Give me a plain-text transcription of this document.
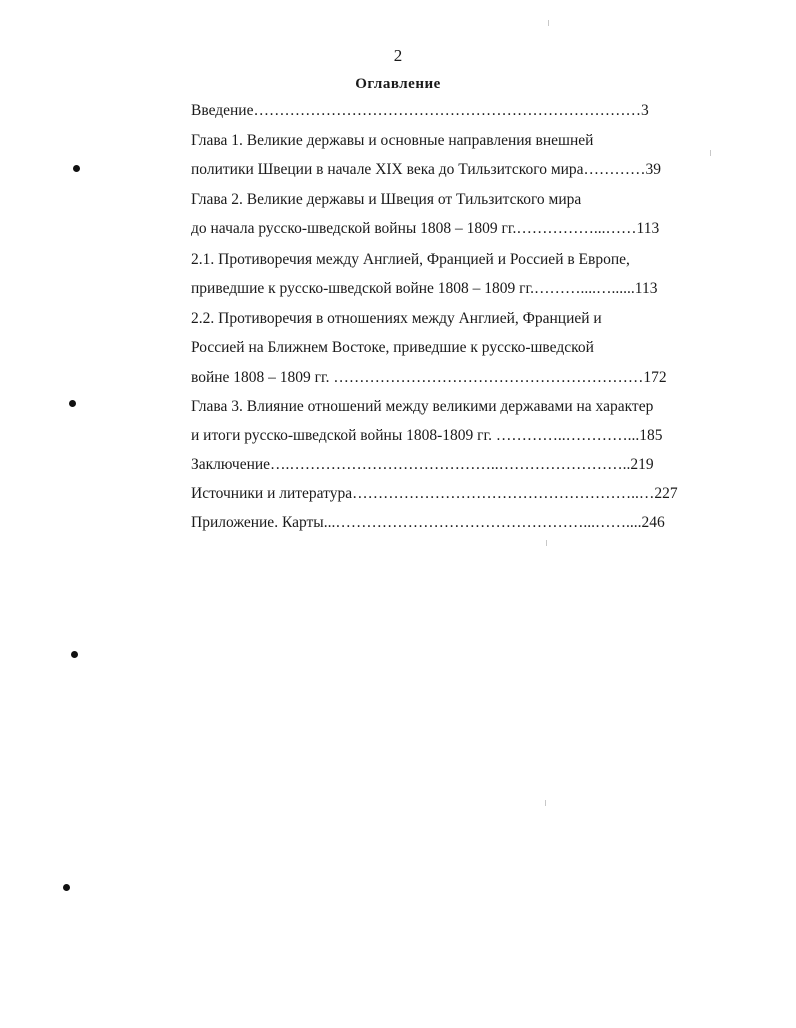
2
Оглавление
Введение…………………………………………………………………3
Глава 1. Великие державы и основные направления внешней
политики Швеции в начале XIX века до Тильзитского мира…………39
Глава 2. Великие державы и Швеция от Тильзитского мира
до начала русско-шведской войны 1808 – 1809 гг.……………...……113
2.1. Противоречия между Англией, Францией и Россией в Европе,
приведшие к русско-шведской войне 1808 – 1809 гг.………....…......113
2.2. Противоречия в отношениях между Англией, Францией и
Россией на Ближнем Востоке, приведшие к русско-шведской
войне 1808 – 1809 гг. ……………………………………………………172
Глава 3. Влияние отношений между великими державами на характер
и итоги русско-шведской войны 1808-1809 гг. …………..…………...185
Заключение….…………………………………..……………………..219
Источники и литература………………………………………………..…227
Приложение. Карты...…………………………………………...……....246
